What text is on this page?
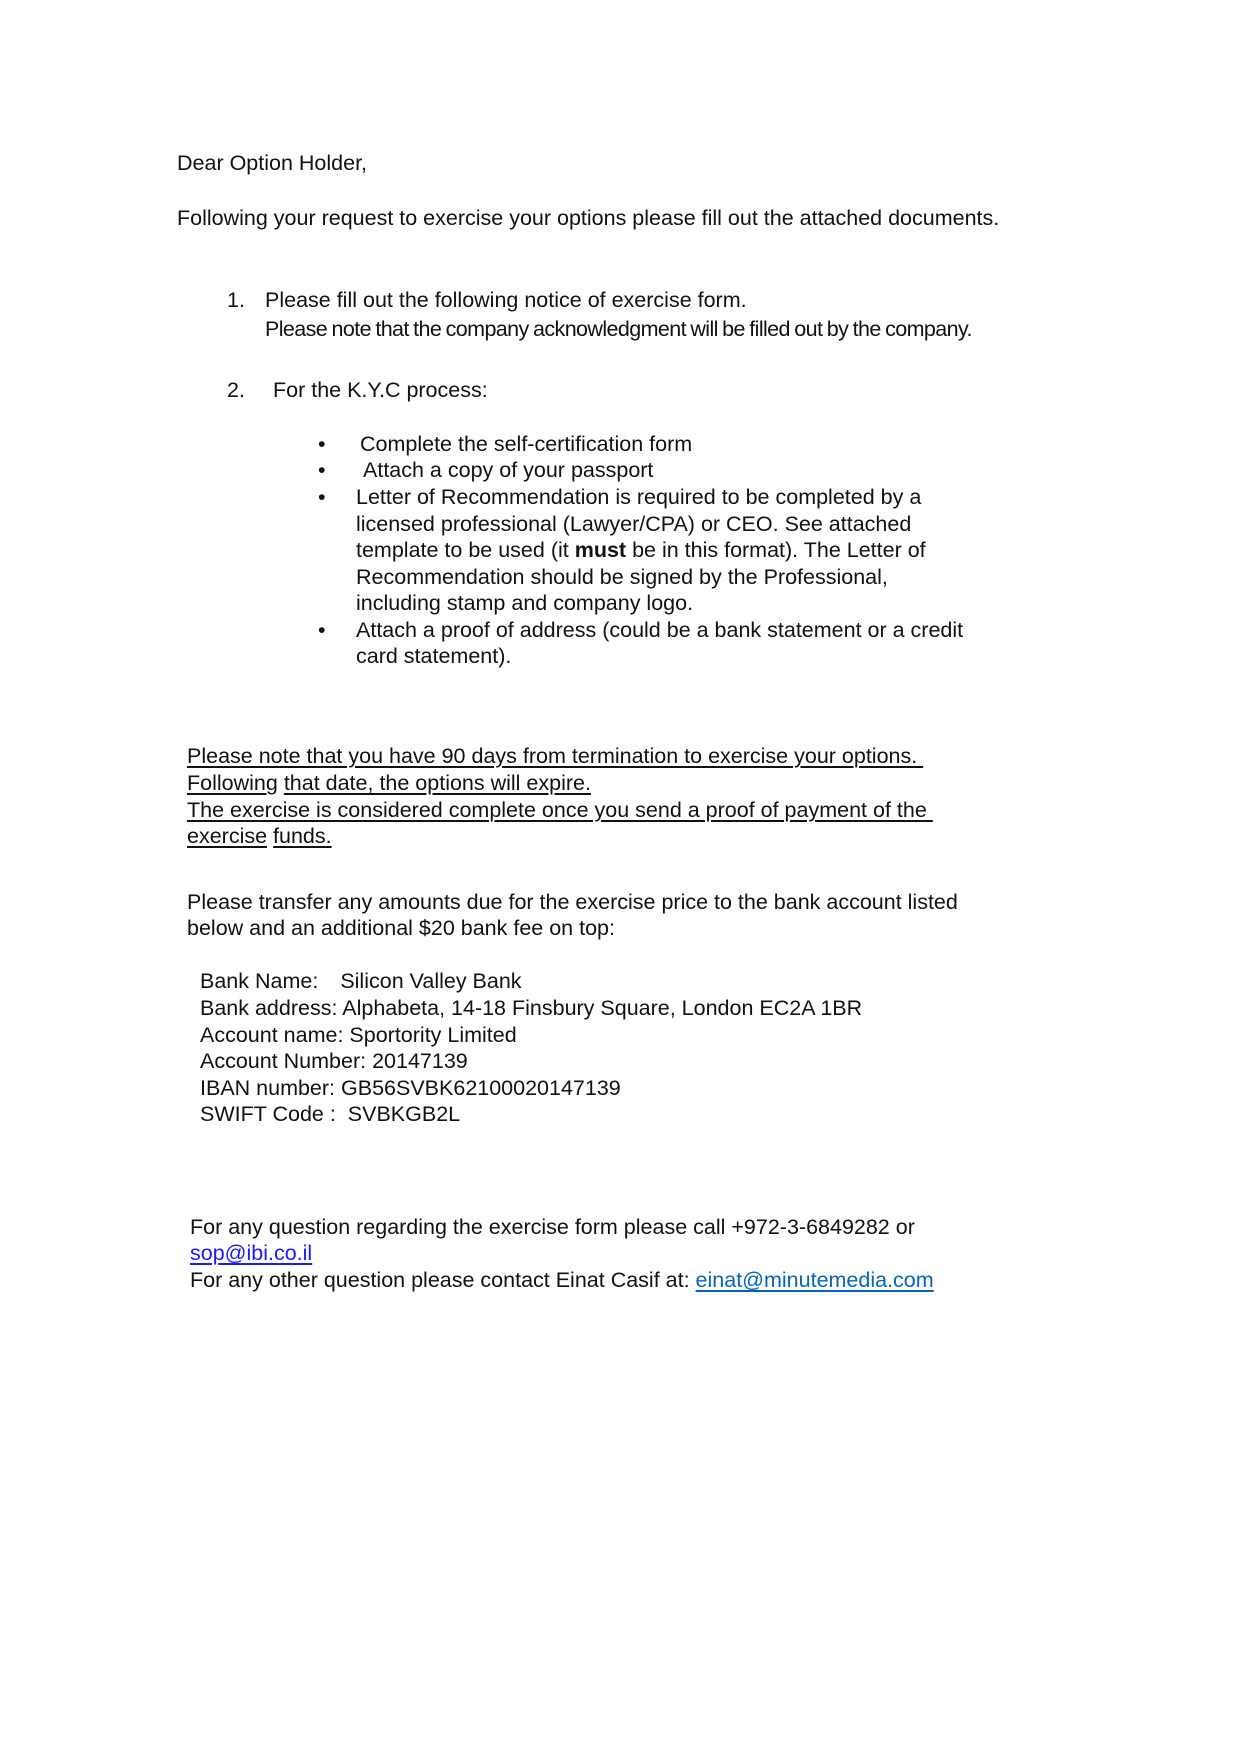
Dear Option Holder,
Following your request to exercise your options please fill out the attached documents.
1. Please fill out the following notice of exercise form.
Please note that the company acknowledgment will be filled out by the company.
2. For the K.Y.C process:
• Complete the self-certification form
• Attach a copy of your passport
• Letter of Recommendation is required to be completed by a
licensed professional (Lawyer/CPA) or CEO. See attached
template to be used (it must be in this format). The Letter of
Recommendation should be signed by the Professional,
including stamp and company logo.
• Attach a proof of address (could be a bank statement or a credit
card statement).
Please note that you have 90 days from termination to exercise your options.
Following that date, the options will expire.
The exercise is considered complete once you send a proof of payment of the
exercise funds.
Please transfer any amounts due for the exercise price to the bank account listed
below and an additional $20 bank fee on top:
Bank Name: Silicon Valley Bank
Bank address: Alphabeta, 14-18 Finsbury Square, London EC2A 1BR
Account name: Sportority Limited
Account Number: 20147139
IBAN number: GB56SVBK62100020147139
SWIFT Code : SVBKGB2L
For any question regarding the exercise form please call +972-3-6849282 or
sop@ibi.co.il
For any other question please contact Einat Casif at: einat@minutemedia.com
